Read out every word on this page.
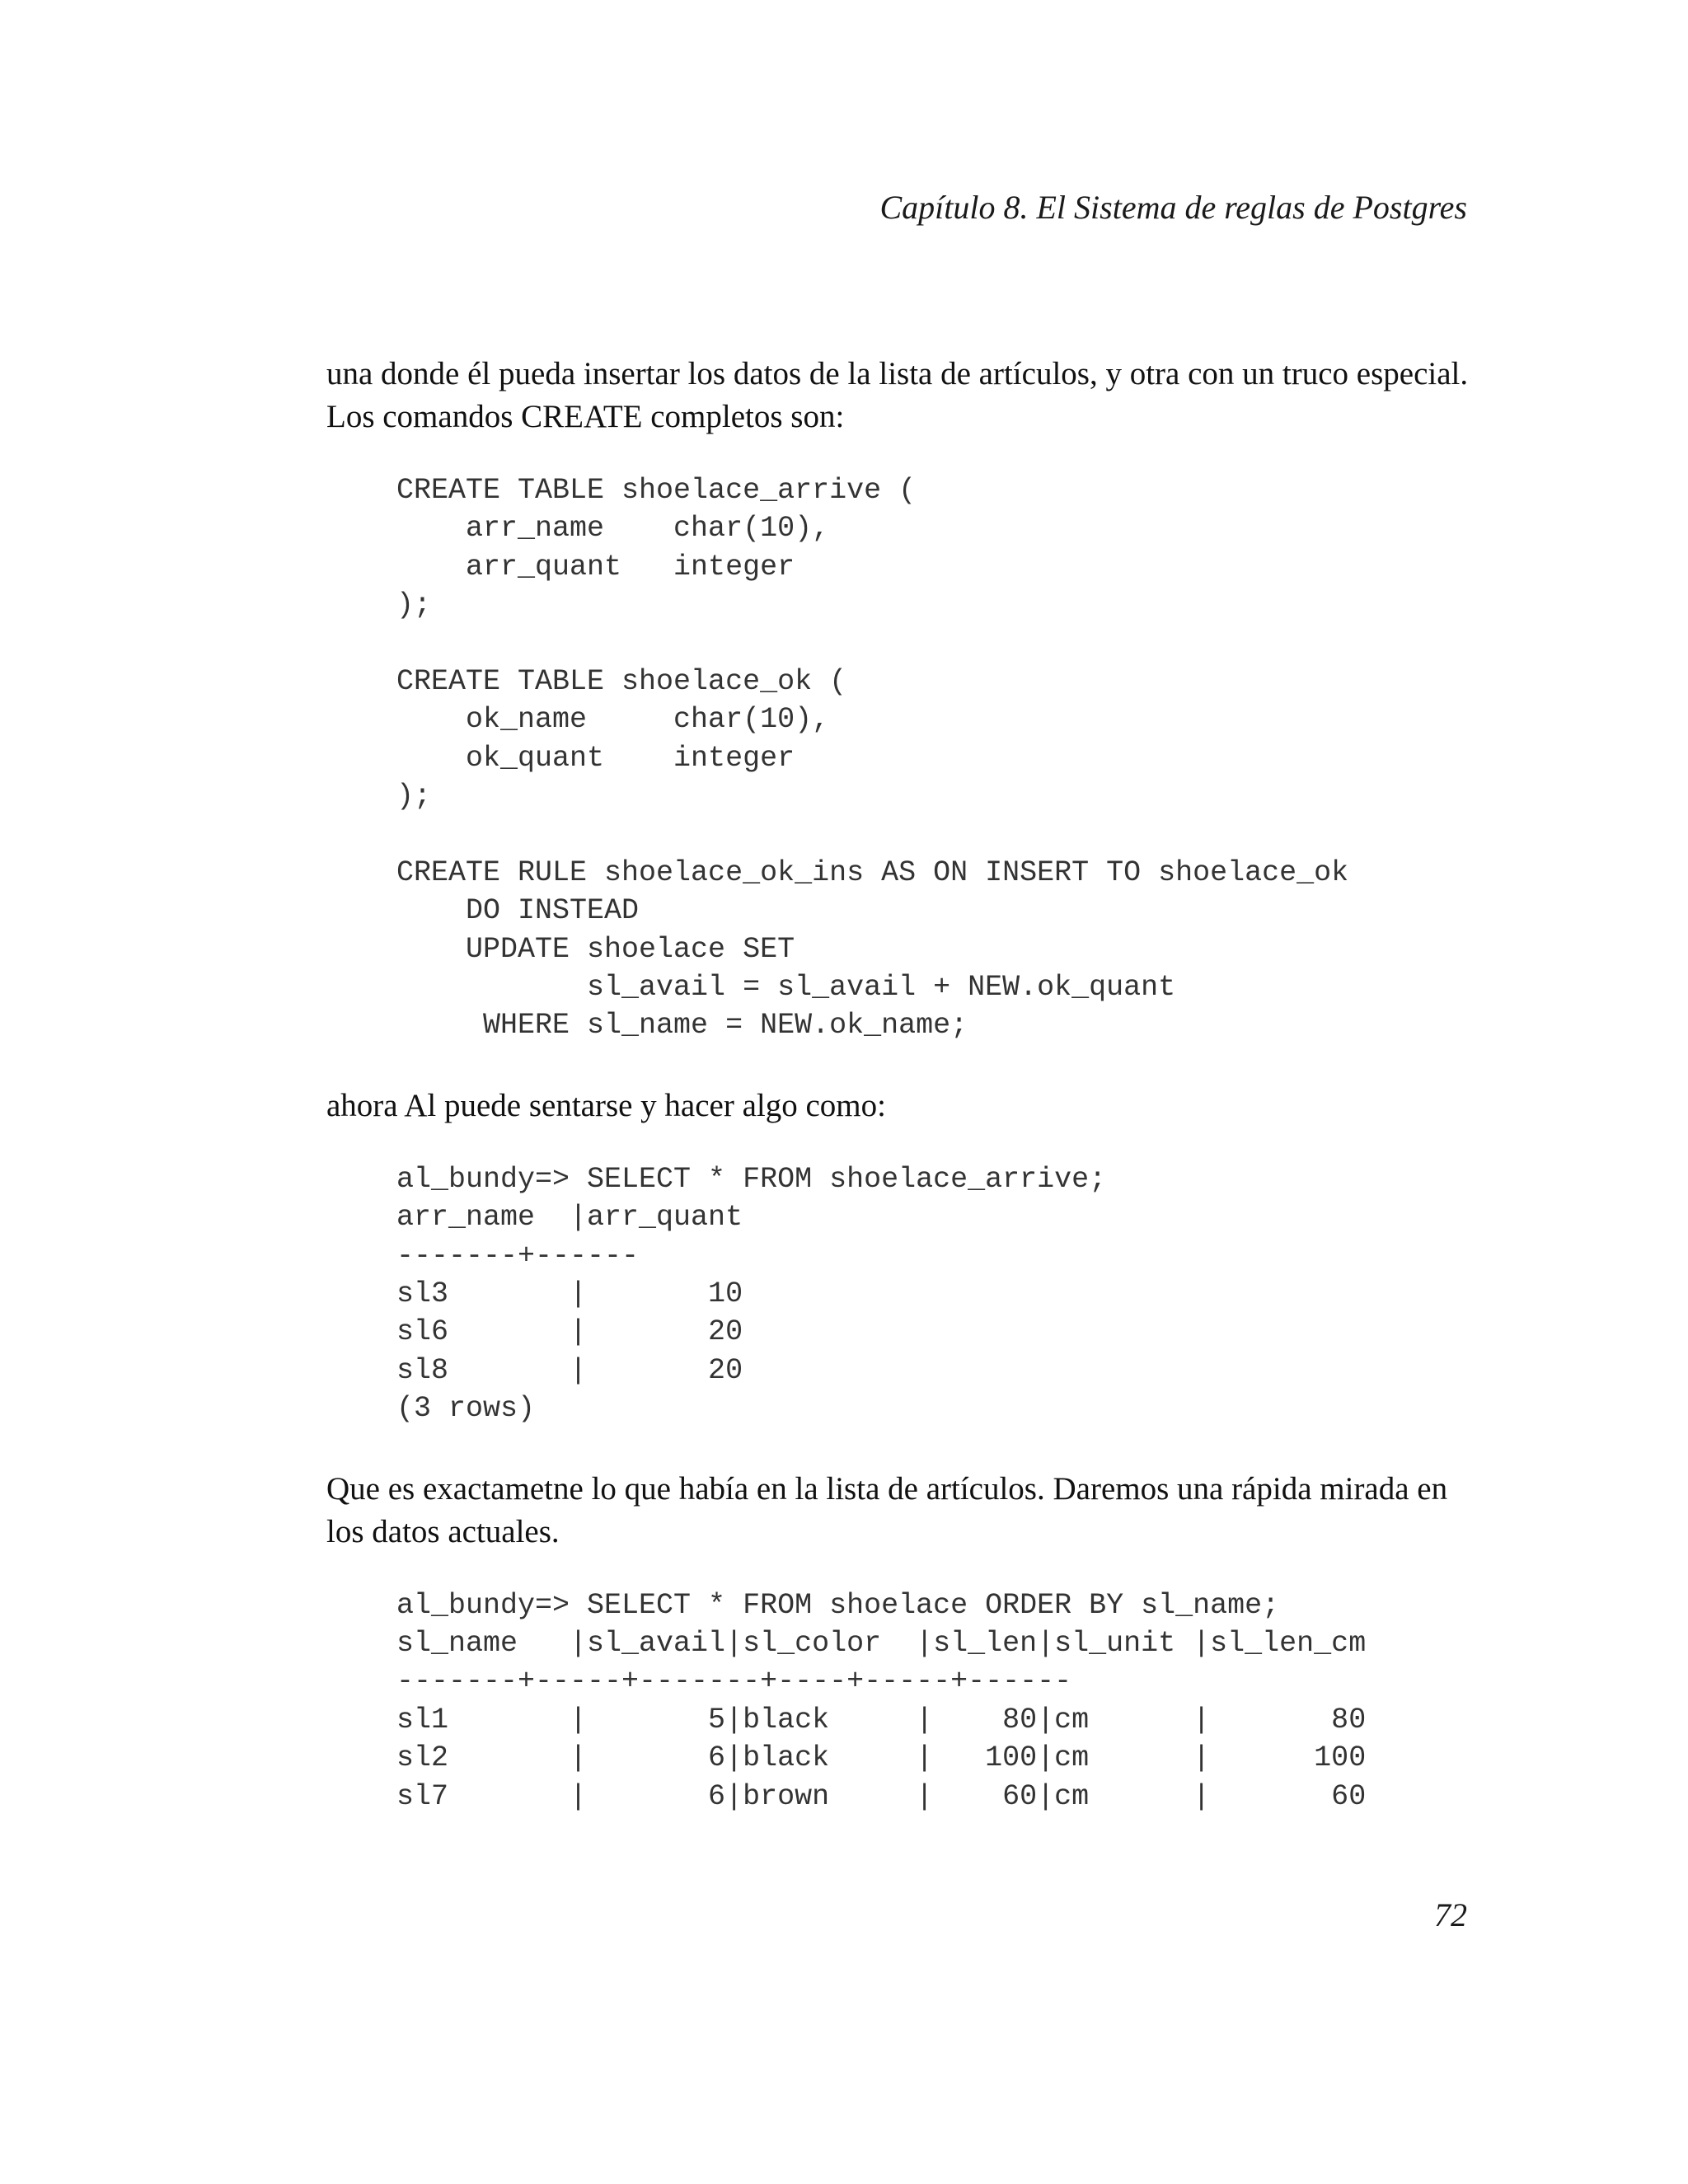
Capítulo 8. El Sistema de reglas de Postgres

una donde él pueda insertar los datos de la lista de artículos, y otra con un truco especial. Los comandos CREATE completos son:

CREATE TABLE shoelace_arrive (
arr_name    char(10),
arr_quant   integer
);
CREATE TABLE shoelace_ok (
ok_name     char(10),
ok_quant    integer
);
CREATE RULE shoelace_ok_ins AS ON INSERT TO shoelace_ok
DO INSTEAD
UPDATE shoelace SET
sl_avail = sl_avail + NEW.ok_quant
WHERE sl_name = NEW.ok_name;

ahora Al puede sentarse y hacer algo como:

al_bundy=> SELECT * FROM shoelace_arrive;
arr_name  |arr_quant
-------+------
sl3       |       10
sl6       |       20
sl8       |       20
(3 rows)

Que es exactametne lo que había en la lista de artículos. Daremos una rápida mirada en los datos actuales.

al_bundy=> SELECT * FROM shoelace ORDER BY sl_name;
sl_name   |sl_avail|sl_color  |sl_len|sl_unit |sl_len_cm
-------+-----+-------+----+-----+------
sl1       |       5|black     |    80|cm      |       80
sl2       |       6|black     |   100|cm      |      100
sl7       |       6|brown     |    60|cm      |       60
72
